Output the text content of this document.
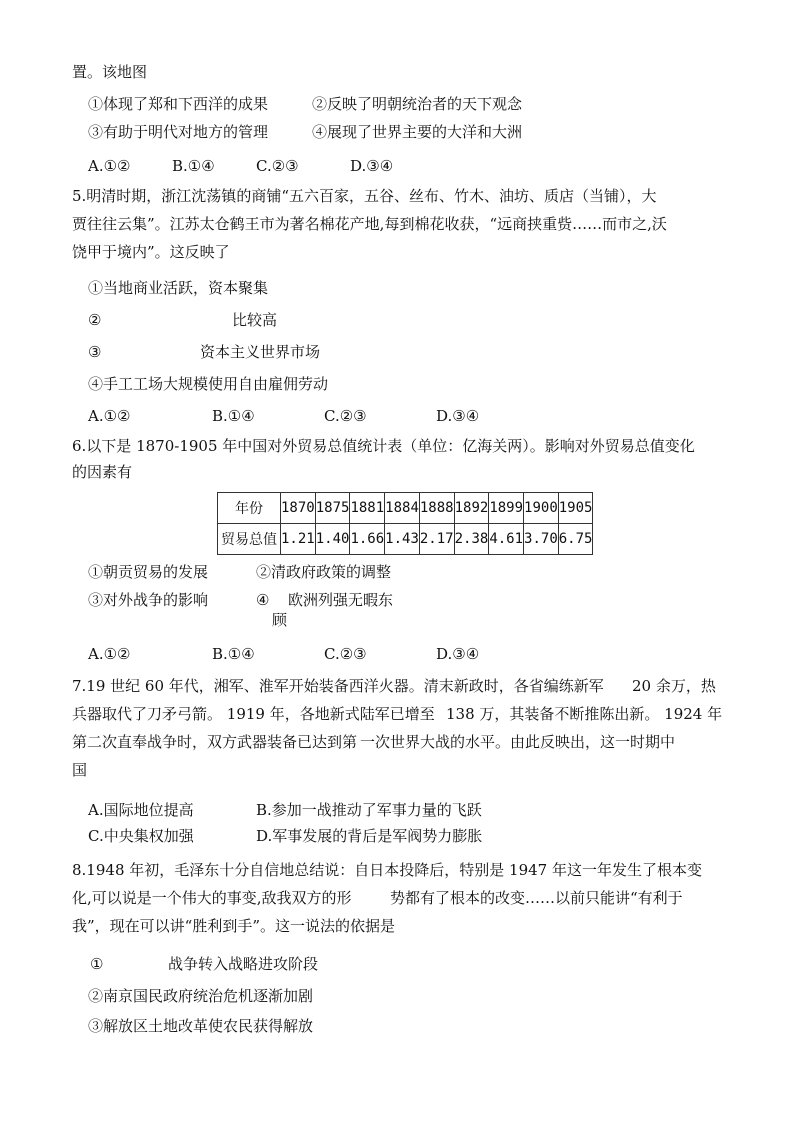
置。该地图
①体现了郑和下西洋的成果	②反映了明朝统治者的天下观念
③有助于明代对地方的管理	④展现了世界主要的大洋和大洲
A.①②	B.①④	C.②③	D.③④
5.明清时期，浙江沈荡镇的商铺“五六百家，五谷、丝布、竹木、油坊、质店（当铺），大
贾往往云集”。江苏太仓鹤王市为著名棉花产地,每到棉花收获，“远商挟重赀……而市之,沃
饶甲于境内”。这反映了
①当地商业活跃，资本聚集
②	比较高
③	资本主义世界市场
④手工工场大规模使用自由雇佣劳动
A.①②	B.①④	C.②③	D.③④
6.以下是 1870-1905 年中国对外贸易总值统计表（单位：亿海关两）。影响对外贸易总值变化
的因素有
年份	1870	1875	1881	1884	1888	1892	1899	1900	1905
贸易总值	1.21	1.40	1.66	1.43	2.17	2.38	4.61	3.70	6.75
①朝贡贸易的发展	②清政府政策的调整
③对外战争的影响	④ 欧洲列强无暇东
顾
A.①②	B.①④	C.②③	D.③④
7.19 世纪 60 年代，湘军、淮军开始装备西洋火器。清末新政时，各省编练新军 20 余万，热
兵器取代了刀矛弓箭。 1919 年，各地新式陆军已增至 138 万，其装备不断推陈出新。 1924 年
第二次直奉战争时，双方武器装备已达到第 一次世界大战的水平。由此反映出，这一时期中
国
A.国际地位提高	B.参加一战推动了军事力量的飞跃
C.中央集权加强	D.军事发展的背后是军阀势力膨胀
8.1948 年初，毛泽东十分自信地总结说：自日本投降后，特别是 1947 年这一年发生了根本变
化,可以说是一个伟大的事变,敌我双方的形	势都有了根本的改变……以前只能讲“有利于
我”，现在可以讲“胜利到手”。这一说法的依据是
①	战争转入战略进攻阶段
②南京国民政府统治危机逐渐加剧
③解放区土地改革使农民获得解放
